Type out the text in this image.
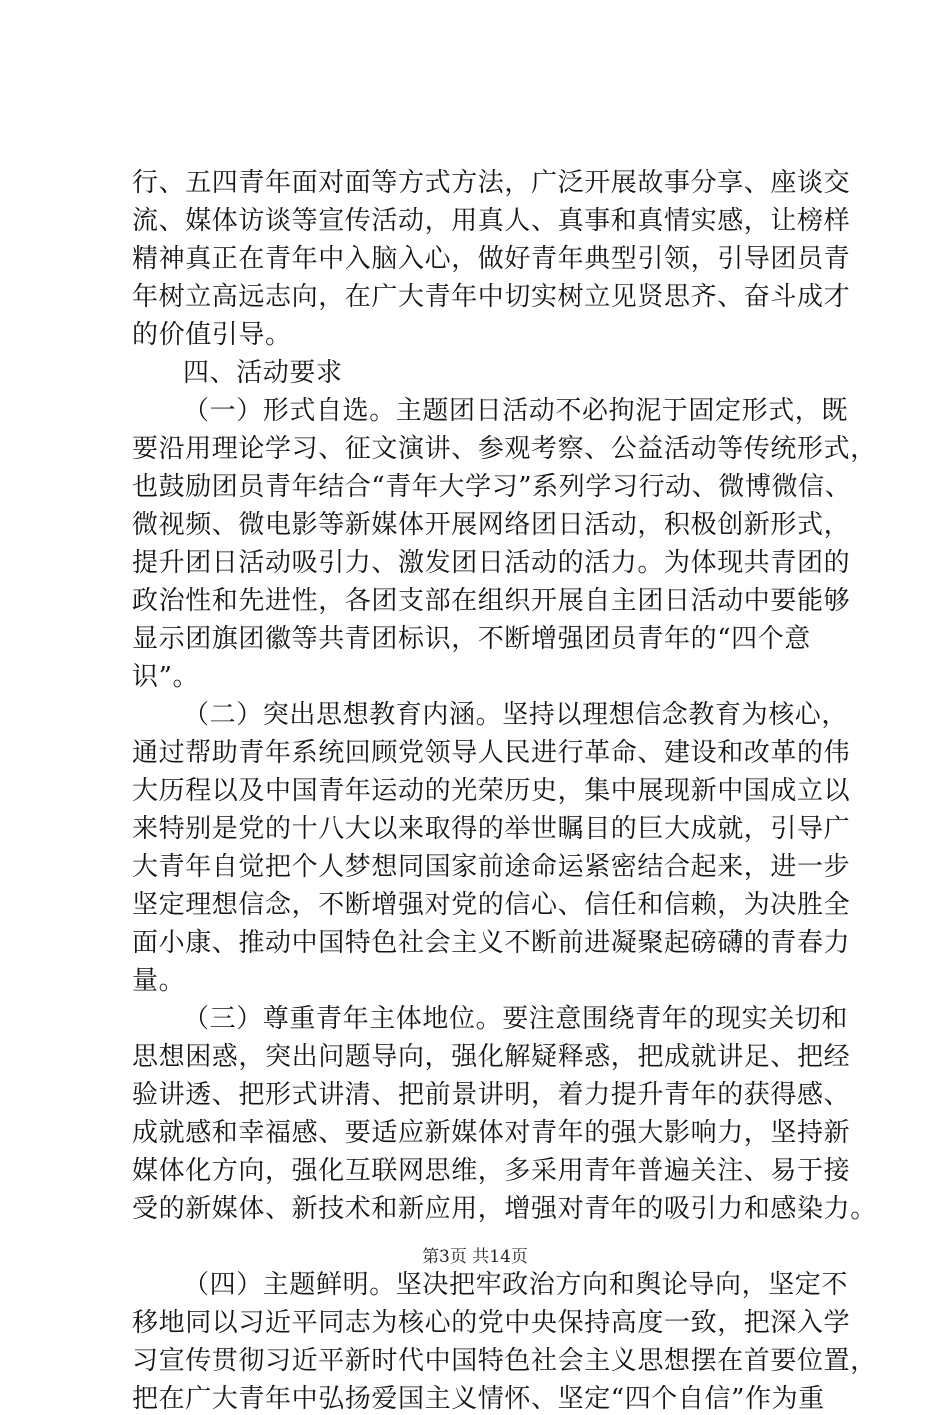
行、五四青年面对面等方式方法，广泛开展故事分享、座谈交
流、媒体访谈等宣传活动，用真人、真事和真情实感，让榜样
精神真正在青年中入脑入心，做好青年典型引领，引导团员青
年树立高远志向，在广大青年中切实树立见贤思齐、奋斗成才
的价值引导。
四、活动要求
（一）形式自选。主题团日活动不必拘泥于固定形式，既
要沿用理论学习、征文演讲、参观考察、公益活动等传统形式，
也鼓励团员青年结合“青年大学习”系列学习行动、微博微信、
微视频、微电影等新媒体开展网络团日活动，积极创新形式，
提升团日活动吸引力、激发团日活动的活力。为体现共青团的
政治性和先进性，各团支部在组织开展自主团日活动中要能够
显示团旗团徽等共青团标识，不断增强团员青年的“四个意
识”。
（二）突出思想教育内涵。坚持以理想信念教育为核心，
通过帮助青年系统回顾党领导人民进行革命、建设和改革的伟
大历程以及中国青年运动的光荣历史，集中展现新中国成立以
来特别是党的十八大以来取得的举世瞩目的巨大成就，引导广
大青年自觉把个人梦想同国家前途命运紧密结合起来，进一步
坚定理想信念，不断增强对党的信心、信任和信赖，为决胜全
面小康、推动中国特色社会主义不断前进凝聚起磅礴的青春力
量。
（三）尊重青年主体地位。要注意围绕青年的现实关切和
思想困惑，突出问题导向，强化解疑释惑，把成就讲足、把经
验讲透、把形式讲清、把前景讲明，着力提升青年的获得感、
成就感和幸福感、要适应新媒体对青年的强大影响力，坚持新
媒体化方向，强化互联网思维，多采用青年普遍关注、易于接
受的新媒体、新技术和新应用，增强对青年的吸引力和感染力。
（四）主题鲜明。坚决把牢政治方向和舆论导向，坚定不
移地同以习近平同志为核心的党中央保持高度一致，把深入学
习宣传贯彻习近平新时代中国特色社会主义思想摆在首要位置，
把在广大青年中弘扬爱国主义情怀、坚定“四个自信”作为重
第3页 共14页
